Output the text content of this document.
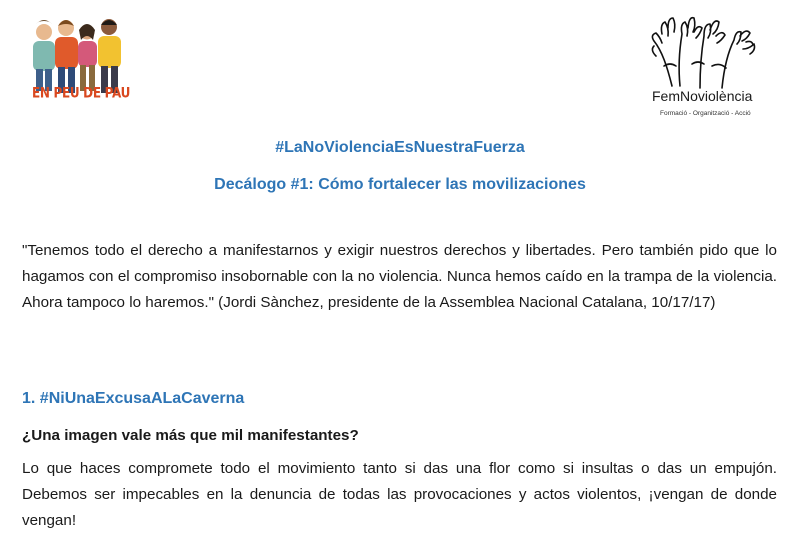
EN PEU DE PAU	FemNoviolència
Formació - Organització - Acció
#LaNoViolenciaEsNuestraFuerza
Decálogo #1: Cómo fortalecer las movilizaciones
"Tenemos todo el derecho a manifestarnos y exigir nuestros derechos y libertades. Pero también pido que lo hagamos con el compromiso insobornable con la no violencia. Nunca hemos caído en la trampa de la violencia. Ahora tampoco lo haremos." (Jordi Sànchez, presidente de la Assemblea Nacional Catalana, 10/17/17)
1. #NiUnaExcusaALaCaverna
¿Una imagen vale más que mil manifestantes?
Lo que haces compromete todo el movimiento tanto si das una flor como si insultas o das un empujón. Debemos ser impecables en la denuncia de todas las provocaciones y actos violentos, ¡vengan de donde vengan!
